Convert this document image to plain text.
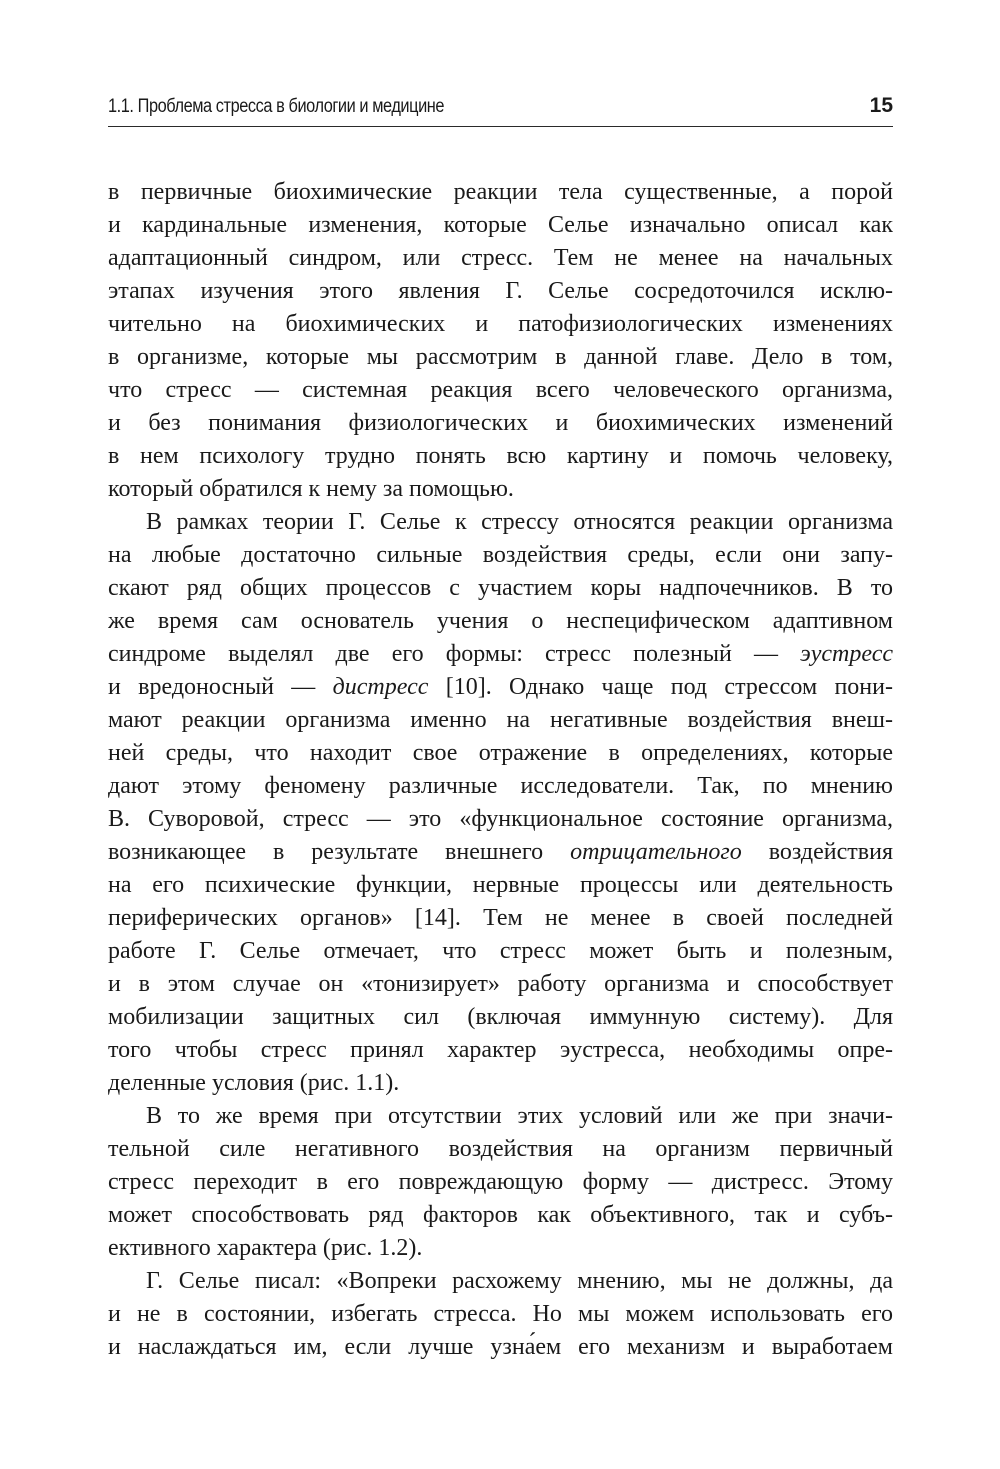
1.1. Проблема стресса в биологии и медицине	15
в первичные биохимические реакции тела существенные, а порой
и кардинальные изменения, которые Селье изначально описал как
адаптационный синдром, или стресс. Тем не менее на начальных
этапах изучения этого явления Г. Селье сосредоточился исклю-
чительно на биохимических и патофизиологических изменениях
в организме, которые мы рассмотрим в данной главе. Дело в том,
что стресс — системная реакция всего человеческого организма,
и без понимания физиологических и биохимических изменений
в нем психологу трудно понять всю картину и помочь человеку,
который обратился к нему за помощью.
В рамках теории Г. Селье к стрессу относятся реакции организма
на любые достаточно сильные воздействия среды, если они запу-
скают ряд общих процессов с участием коры надпочечников. В то
же время сам основатель учения о неспецифическом адаптивном
синдроме выделял две его формы: стресс полезный — эустресс
и вредоносный — дистресс [10]. Однако чаще под стрессом пони-
мают реакции организма именно на негативные воздействия внеш-
ней среды, что находит свое отражение в определениях, которые
дают этому феномену различные исследователи. Так, по мнению
В. Суворовой, стресс — это «функциональное состояние организма,
возникающее в результате внешнего отрицательного воздействия
на его психические функции, нервные процессы или деятельность
периферических органов» [14]. Тем не менее в своей последней
работе Г. Селье отмечает, что стресс может быть и полезным,
и в этом случае он «тонизирует» работу организма и способствует
мобилизации защитных сил (включая иммунную систему). Для
того чтобы стресс принял характер эустресса, необходимы опре-
деленные условия (рис. 1.1).
В то же время при отсутствии этих условий или же при значи-
тельной силе негативного воздействия на организм первичный
стресс переходит в его повреждающую форму — дистресс. Этому
может способствовать ряд факторов как объективного, так и субъ-
ективного характера (рис. 1.2).
Г. Селье писал: «Вопреки расхожему мнению, мы не должны, да
и не в состоянии, избегать стресса. Но мы можем использовать его
и наслаждаться им, если лучше узна́ем его механизм и выработаем
